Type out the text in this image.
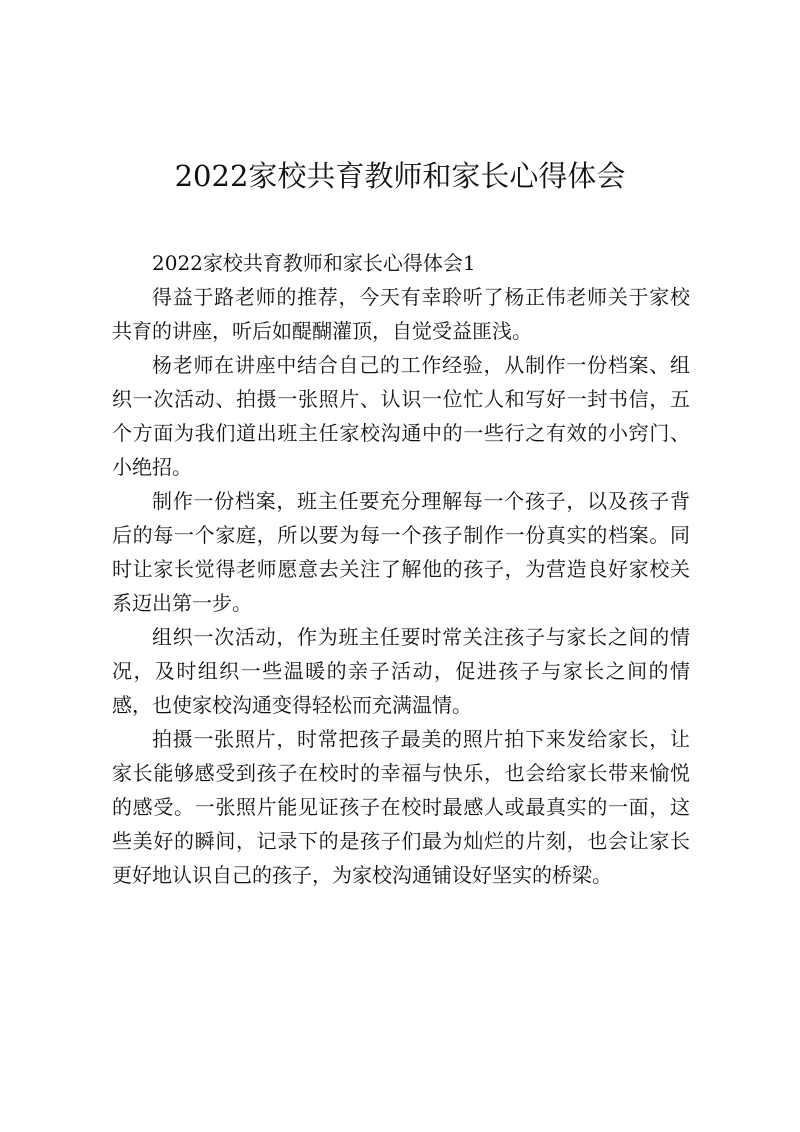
2022家校共育教师和家长心得体会

2022家校共育教师和家长心得体会1

得益于路老师的推荐，今天有幸聆听了杨正伟老师关于家校共育的讲座，听后如醍醐灌顶，自觉受益匪浅。

杨老师在讲座中结合自己的工作经验，从制作一份档案、组织一次活动、拍摄一张照片、认识一位忙人和写好一封书信，五个方面为我们道出班主任家校沟通中的一些行之有效的小窍门、小绝招。

制作一份档案，班主任要充分理解每一个孩子，以及孩子背后的每一个家庭，所以要为每一个孩子制作一份真实的档案。同时让家长觉得老师愿意去关注了解他的孩子，为营造良好家校关系迈出第一步。

组织一次活动，作为班主任要时常关注孩子与家长之间的情况，及时组织一些温暖的亲子活动，促进孩子与家长之间的情感，也使家校沟通变得轻松而充满温情。

拍摄一张照片，时常把孩子最美的照片拍下来发给家长，让家长能够感受到孩子在校时的幸福与快乐，也会给家长带来愉悦的感受。一张照片能见证孩子在校时最感人或最真实的一面，这些美好的瞬间，记录下的是孩子们最为灿烂的片刻，也会让家长更好地认识自己的孩子，为家校沟通铺设好坚实的桥梁。
